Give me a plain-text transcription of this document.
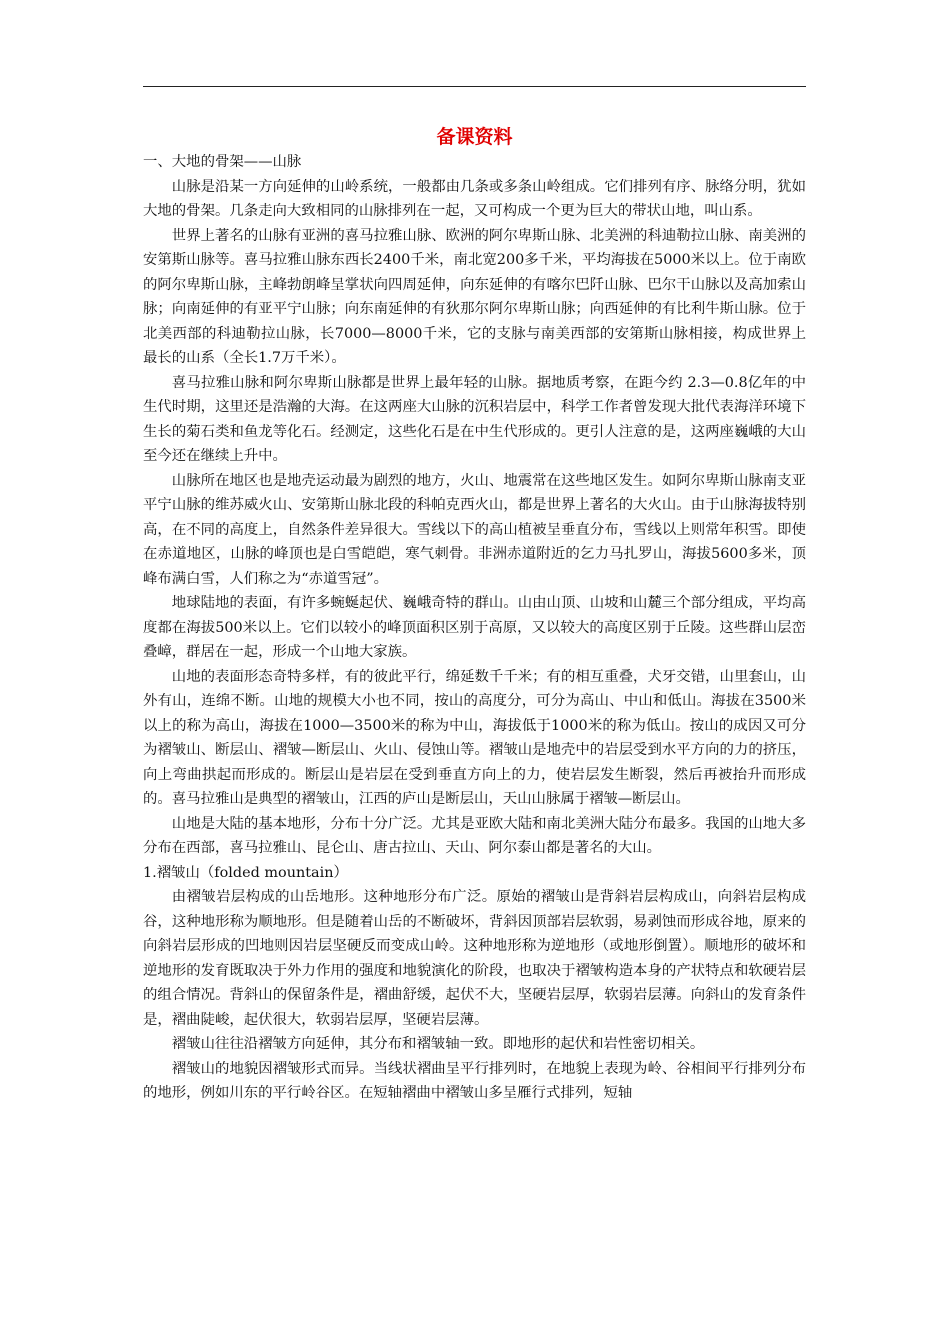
备课资料

一、大地的骨架——山脉

山脉是沿某一方向延伸的山岭系统，一般都由几条或多条山岭组成。它们排列有序、脉络分明，犹如大地的骨架。几条走向大致相同的山脉排列在一起，又可构成一个更为巨大的带状山地，叫山系。

世界上著名的山脉有亚洲的喜马拉雅山脉、欧洲的阿尔卑斯山脉、北美洲的科迪勒拉山脉、南美洲的安第斯山脉等。喜马拉雅山脉东西长2400千米，南北宽200多千米，平均海拔在5000米以上。位于南欧的阿尔卑斯山脉，主峰勃朗峰呈掌状向四周延伸，向东延伸的有喀尔巴阡山脉、巴尔干山脉以及高加索山脉；向南延伸的有亚平宁山脉；向东南延伸的有狄那尔阿尔卑斯山脉；向西延伸的有比利牛斯山脉。位于北美西部的科迪勒拉山脉，长7000—8000千米，它的支脉与南美西部的安第斯山脉相接，构成世界上最长的山系（全长1.7万千米）。

喜马拉雅山脉和阿尔卑斯山脉都是世界上最年轻的山脉。据地质考察，在距今约 2.3—0.8亿年的中生代时期，这里还是浩瀚的大海。在这两座大山脉的沉积岩层中，科学工作者曾发现大批代表海洋环境下生长的菊石类和鱼龙等化石。经测定，这些化石是在中生代形成的。更引人注意的是，这两座巍峨的大山至今还在继续上升中。

山脉所在地区也是地壳运动最为剧烈的地方，火山、地震常在这些地区发生。如阿尔卑斯山脉南支亚平宁山脉的维苏威火山、安第斯山脉北段的科帕克西火山，都是世界上著名的大火山。由于山脉海拔特别高，在不同的高度上，自然条件差异很大。雪线以下的高山植被呈垂直分布，雪线以上则常年积雪。即使在赤道地区，山脉的峰顶也是白雪皑皑，寒气刺骨。非洲赤道附近的乞力马扎罗山，海拔5600多米，顶峰布满白雪，人们称之为“赤道雪冠”。

地球陆地的表面，有许多蜿蜒起伏、巍峨奇特的群山。山由山顶、山坡和山麓三个部分组成，平均高度都在海拔500米以上。它们以较小的峰顶面积区别于高原，又以较大的高度区别于丘陵。这些群山层峦叠嶂，群居在一起，形成一个山地大家族。

山地的表面形态奇特多样，有的彼此平行，绵延数千千米；有的相互重叠，犬牙交错，山里套山，山外有山，连绵不断。山地的规模大小也不同，按山的高度分，可分为高山、中山和低山。海拔在3500米以上的称为高山，海拔在1000—3500米的称为中山，海拔低于1000米的称为低山。按山的成因又可分为褶皱山、断层山、褶皱—断层山、火山、侵蚀山等。褶皱山是地壳中的岩层受到水平方向的力的挤压，向上弯曲拱起而形成的。断层山是岩层在受到垂直方向上的力，使岩层发生断裂，然后再被抬升而形成的。喜马拉雅山是典型的褶皱山，江西的庐山是断层山，天山山脉属于褶皱—断层山。

山地是大陆的基本地形，分布十分广泛。尤其是亚欧大陆和南北美洲大陆分布最多。我国的山地大多分布在西部，喜马拉雅山、昆仑山、唐古拉山、天山、阿尔泰山都是著名的大山。

1.褶皱山（folded mountain）

由褶皱岩层构成的山岳地形。这种地形分布广泛。原始的褶皱山是背斜岩层构成山，向斜岩层构成谷，这种地形称为顺地形。但是随着山岳的不断破坏，背斜因顶部岩层软弱，易剥蚀而形成谷地，原来的向斜岩层形成的凹地则因岩层坚硬反而变成山岭。这种地形称为逆地形（或地形倒置）。顺地形的破坏和逆地形的发育既取决于外力作用的强度和地貌演化的阶段，也取决于褶皱构造本身的产状特点和软硬岩层的组合情况。背斜山的保留条件是，褶曲舒缓，起伏不大，坚硬岩层厚，软弱岩层薄。向斜山的发育条件是，褶曲陡峻，起伏很大，软弱岩层厚，坚硬岩层薄。

褶皱山往往沿褶皱方向延伸，其分布和褶皱轴一致。即地形的起伏和岩性密切相关。

褶皱山的地貌因褶皱形式而异。当线状褶曲呈平行排列时，在地貌上表现为岭、谷相间平行排列分布的地形，例如川东的平行岭谷区。在短轴褶曲中褶皱山多呈雁行式排列，短轴
